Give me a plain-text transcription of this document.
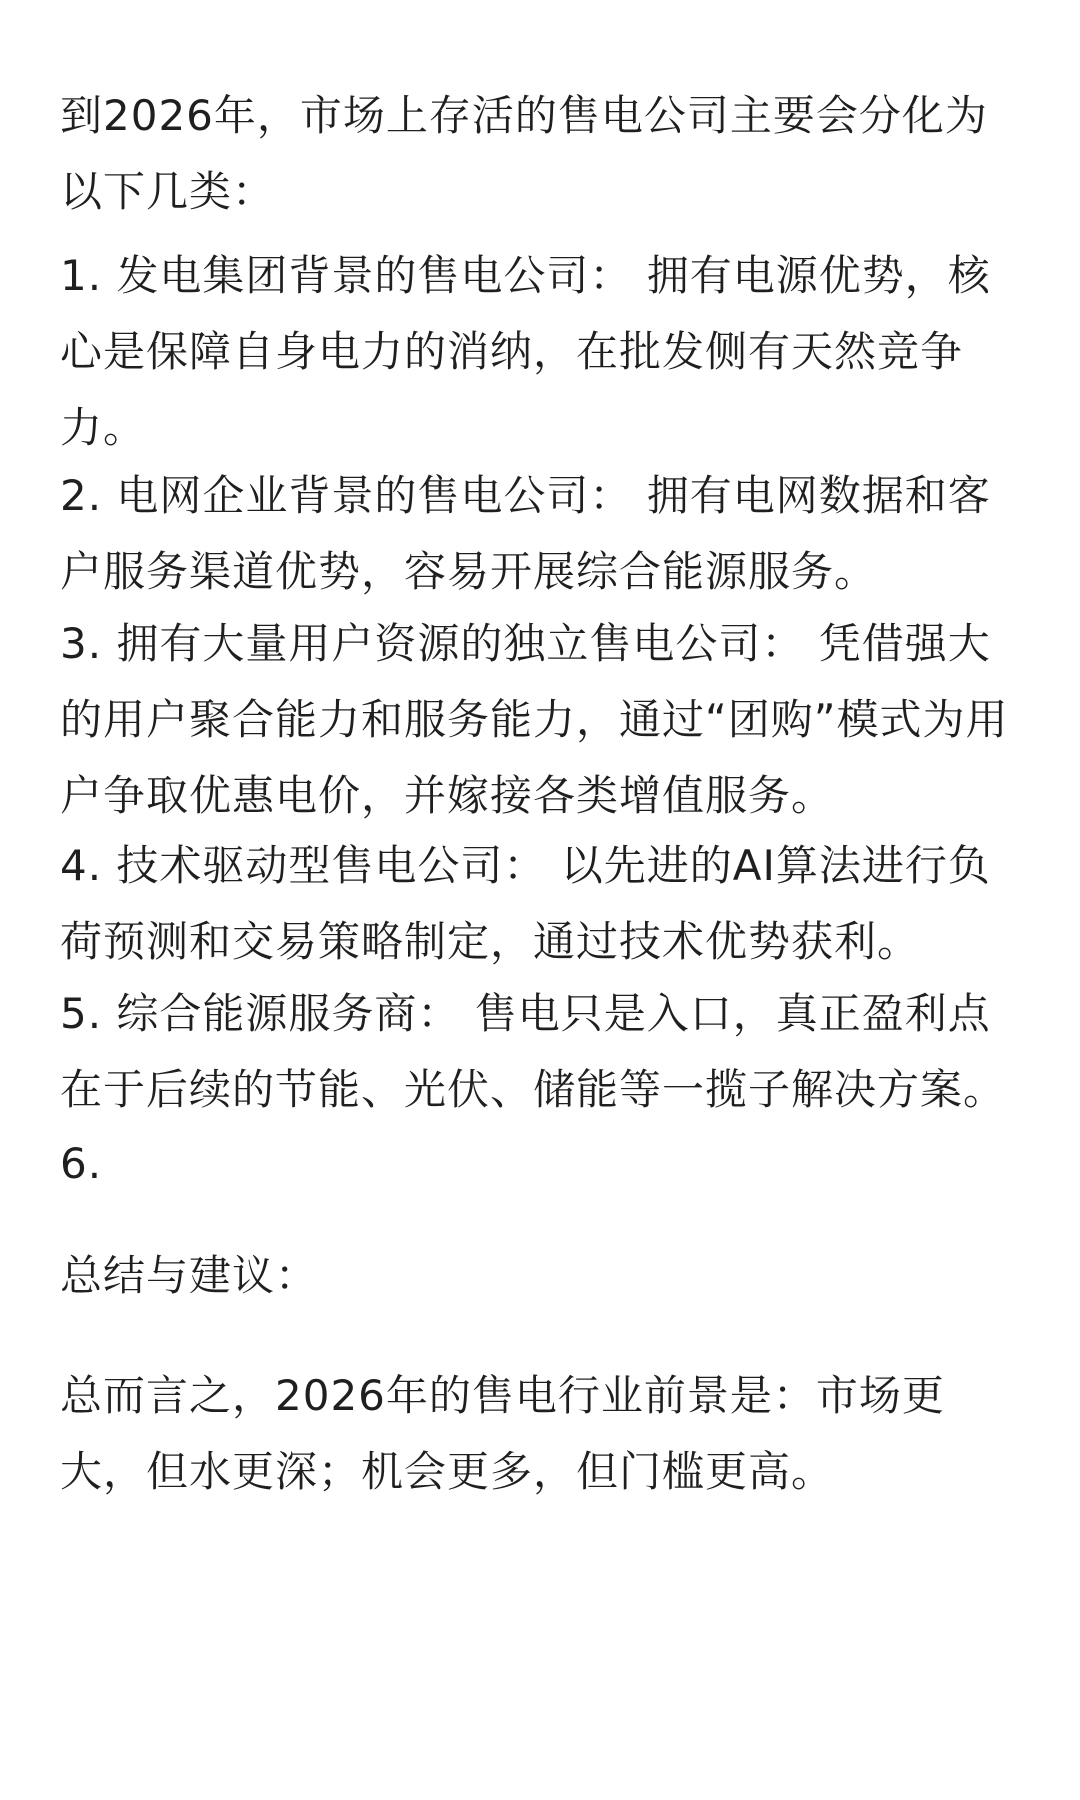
到2026年，市场上存活的售电公司主要会分化为以下几类：

1. 发电集团背景的售电公司： 拥有电源优势，核心是保障自身电力的消纳，在批发侧有天然竞争力。

2. 电网企业背景的售电公司： 拥有电网数据和客户服务渠道优势，容易开展综合能源服务。

3. 拥有大量用户资源的独立售电公司： 凭借强大的用户聚合能力和服务能力，通过“团购”模式为用户争取优惠电价，并嫁接各类增值服务。

4. 技术驱动型售电公司： 以先进的AI算法进行负荷预测和交易策略制定，通过技术优势获利。

5. 综合能源服务商： 售电只是入口，真正盈利点在于后续的节能、光伏、储能等一揽子解决方案。

6.

总结与建议：

总而言之，2026年的售电行业前景是：市场更大，但水更深；机会更多，但门槛更高。
